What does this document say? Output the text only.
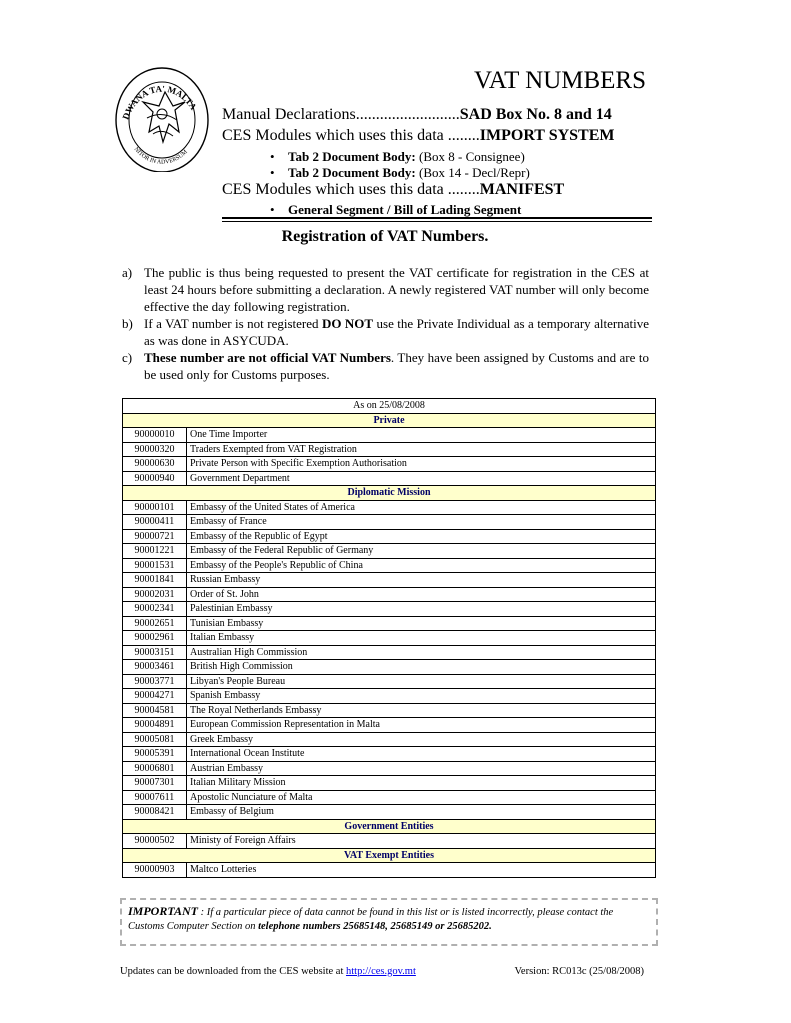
DWANA TA' MALTA
NITOR IN ADVERSUM
VAT NUMBERS
Manual Declarations..........................SAD Box No. 8 and 14
CES Modules which uses this data ........IMPORT SYSTEM
• Tab 2 Document Body: (Box 8 - Consignee)
• Tab 2 Document Body: (Box 14 - Decl/Repr)
CES Modules which uses this data ........MANIFEST
• General Segment / Bill of Lading Segment
Registration of VAT Numbers.
a) The public is thus being requested to present the VAT certificate for registration in the CES at least 24 hours before submitting a declaration. A newly registered VAT number will only become effective the day following registration.
b) If a VAT number is not registered DO NOT use the Private Individual as a temporary alternative as was done in ASYCUDA.
c) These number are not official VAT Numbers. They have been assigned by Customs and are to be used only for Customs purposes.
As on 25/08/2008	
Private	
90000010	One Time Importer
90000320	Traders Exempted from VAT Registration
90000630	Private Person with Specific Exemption Authorisation
90000940	Government Department
Diplomatic Mission	
90000101	Embassy of the United States of America
90000411	Embassy of France
90000721	Embassy of the Republic of Egypt
90001221	Embassy of the Federal Republic of Germany
90001531	Embassy of the People's Republic of China
90001841	Russian Embassy
90002031	Order of St. John
90002341	Palestinian Embassy
90002651	Tunisian Embassy
90002961	Italian Embassy
90003151	Australian High Commission
90003461	British High Commission
90003771	Libyan's People Bureau
90004271	Spanish Embassy
90004581	The Royal Netherlands Embassy
90004891	European Commission Representation in Malta
90005081	Greek Embassy
90005391	International Ocean Institute
90006801	Austrian Embassy
90007301	Italian Military Mission
90007611	Apostolic Nunciature of Malta
90008421	Embassy of Belgium
Government Entities	
90000502	Ministy of Foreign Affairs
VAT Exempt Entities	
90000903	Maltco Lotteries
IMPORTANT : If a particular piece of data cannot be found in this list or is listed incorrectly, please contact the Customs Computer Section on telephone numbers 25685148, 25685149 or 25685202.
Updates can be downloaded from the CES website at http://ces.gov.mt	Version: RC013c (25/08/2008)
